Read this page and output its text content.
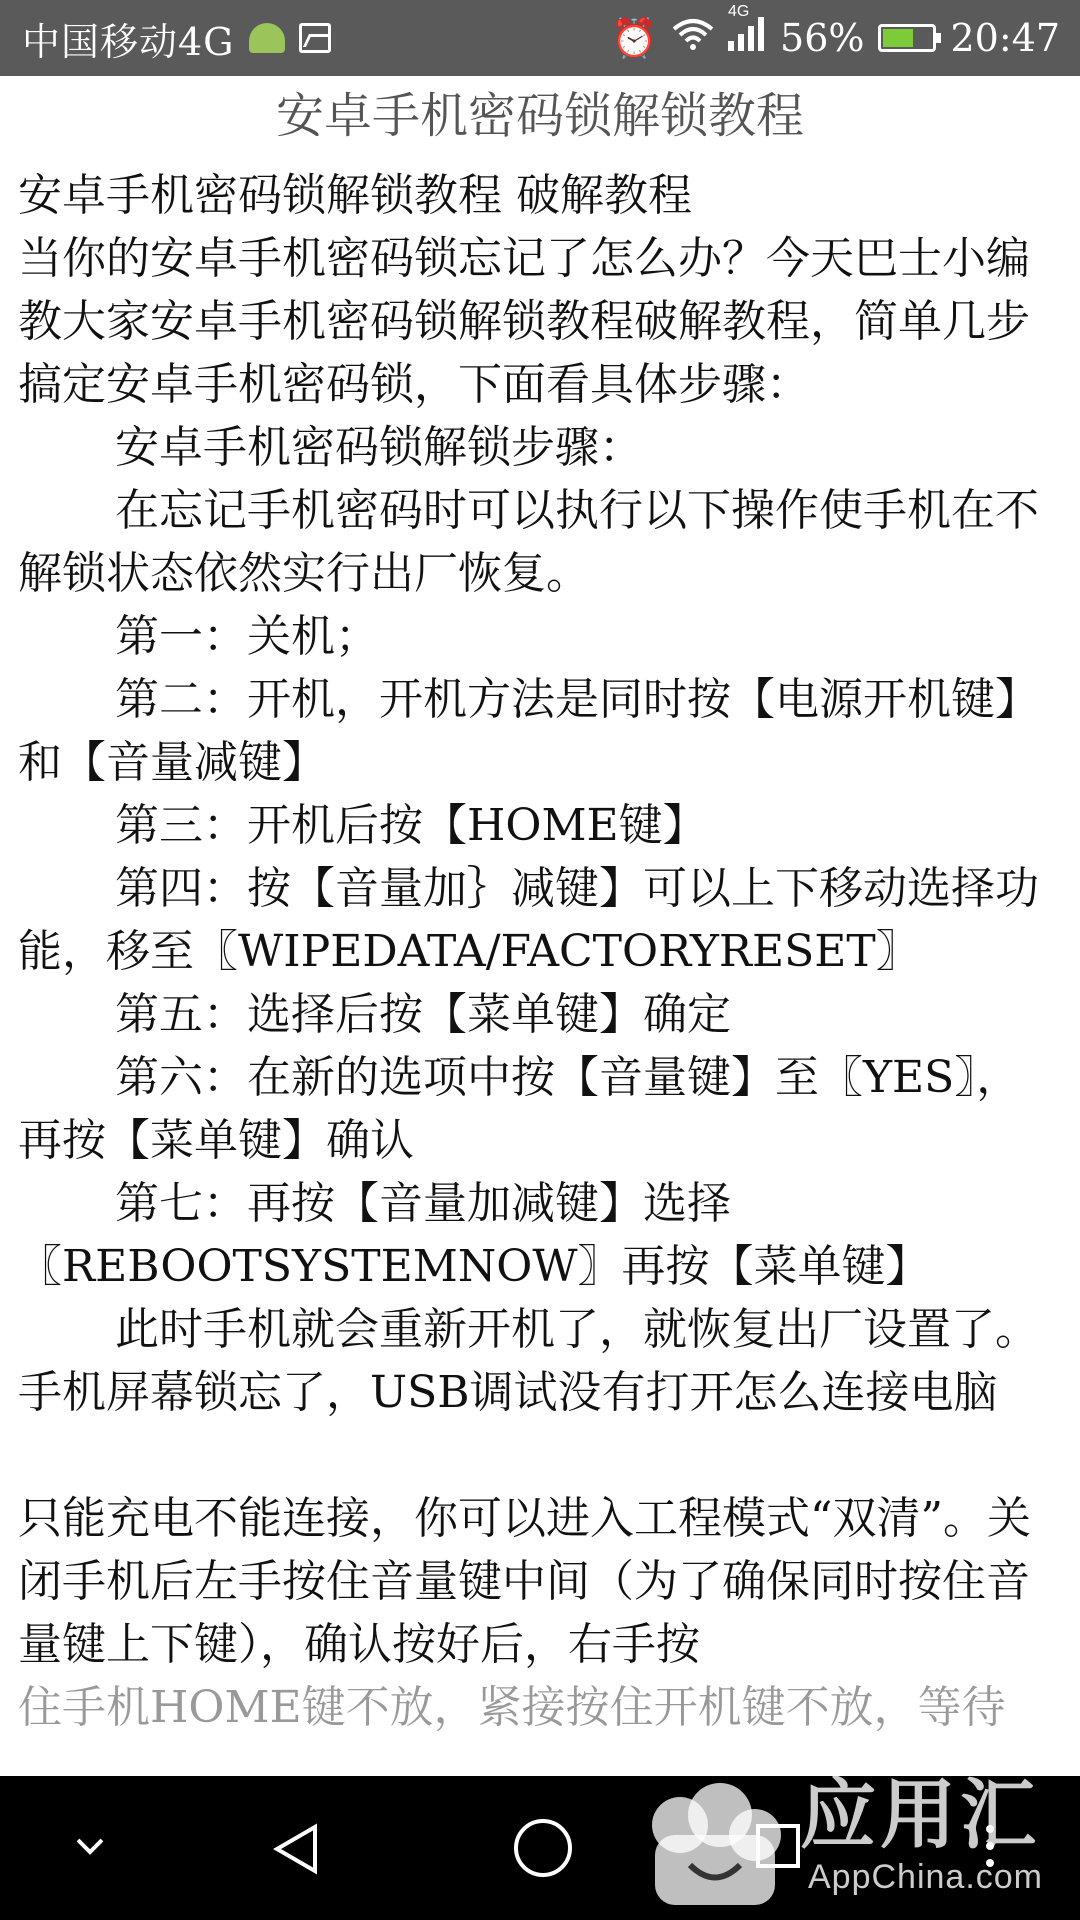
中国移动4G	⏰
4G
56% 20:47
安卓手机密码锁解锁教程

安卓手机密码锁解锁教程 破解教程

当你的安卓手机密码锁忘记了怎么办？今天巴士小编教大家安卓手机密码锁解锁教程破解教程，简单几步搞定安卓手机密码锁，下面看具体步骤：

安卓手机密码锁解锁步骤：

在忘记手机密码时可以执行以下操作使手机在不解锁状态依然实行出厂恢复。

第一：关机；

第二：开机，开机方法是同时按【电源开机键】和【音量减键】

第三：开机后按【HOME键】

第四：按【音量加｝减键】可以上下移动选择功能，移至〖WIPEDATA/FACTORYRESET〗

第五：选择后按【菜单键】确定

第六：在新的选项中按【音量键】至〖YES〗，再按【菜单键】确认

第七：再按【音量加减键】选择〖REBOOTSYSTEMNOW〗再按【菜单键】

此时手机就会重新开机了，就恢复出厂设置了。

手机屏幕锁忘了，USB调试没有打开怎么连接电脑

只能充电不能连接，你可以进入工程模式“双清”。关闭手机后左手按住音量键中间（为了确保同时按住音量键上下键），确认按好后，右手按

住手机HOME键不放，紧接按住开机键不放，等待

应用汇
AppChina.com
